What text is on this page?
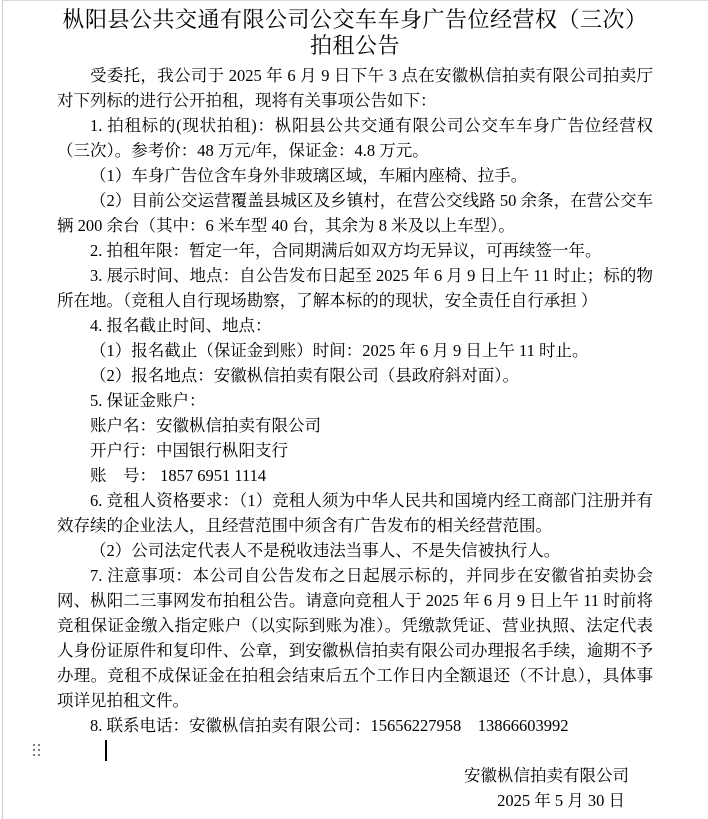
枞阳县公共交通有限公司公交车车身广告位经营权（三次）
拍租公告

受委托，我公司于 2025 年 6 月 9 日下午 3 点在安徽枞信拍卖有限公司拍卖厅对下列标的进行公开拍租，现将有关事项公告如下：

1. 拍租标的(现状拍租)：枞阳县公共交通有限公司公交车车身广告位经营权（三次）。参考价：48 万元/年，保证金：4.8 万元。

（1）车身广告位含车身外非玻璃区域，车厢内座椅、拉手。

（2）目前公交运营覆盖县城区及乡镇村，在营公交线路 50 余条，在营公交车辆 200 余台（其中：6 米车型 40 台，其余为 8 米及以上车型）。

2. 拍租年限：暂定一年，合同期满后如双方均无异议，可再续签一年。

3. 展示时间、地点：自公告发布日起至 2025 年 6 月 9 日上午 11 时止；标的物所在地。（竞租人自行现场勘察，了解本标的的现状，安全责任自行承担 ）

4. 报名截止时间、地点：

（1）报名截止（保证金到账）时间：2025 年 6 月 9 日上午 11 时止。

（2）报名地点：安徽枞信拍卖有限公司（县政府斜对面）。

5. 保证金账户：

账户名：安徽枞信拍卖有限公司

开户行：中国银行枞阳支行

账　号： 1857 6951 1114

6. 竞租人资格要求：（1）竞租人须为中华人民共和国境内经工商部门注册并有效存续的企业法人，且经营范围中须含有广告发布的相关经营范围。

（2）公司法定代表人不是税收违法当事人、不是失信被执行人。

7. 注意事项：本公司自公告发布之日起展示标的，并同步在安徽省拍卖协会网、枞阳二三事网发布拍租公告。请意向竞租人于 2025 年 6 月 9 日上午 11 时前将竞租保证金缴入指定账户（以实际到账为准）。凭缴款凭证、营业执照、法定代表人身份证原件和复印件、公章，到安徽枞信拍卖有限公司办理报名手续，逾期不予办理。竞租不成保证金在拍租会结束后五个工作日内全额退还（不计息），具体事项详见拍租文件。

8. 联系电话：安徽枞信拍卖有限公司：15656227958    13866603992

安徽枞信拍卖有限公司

2025 年 5 月 30 日
